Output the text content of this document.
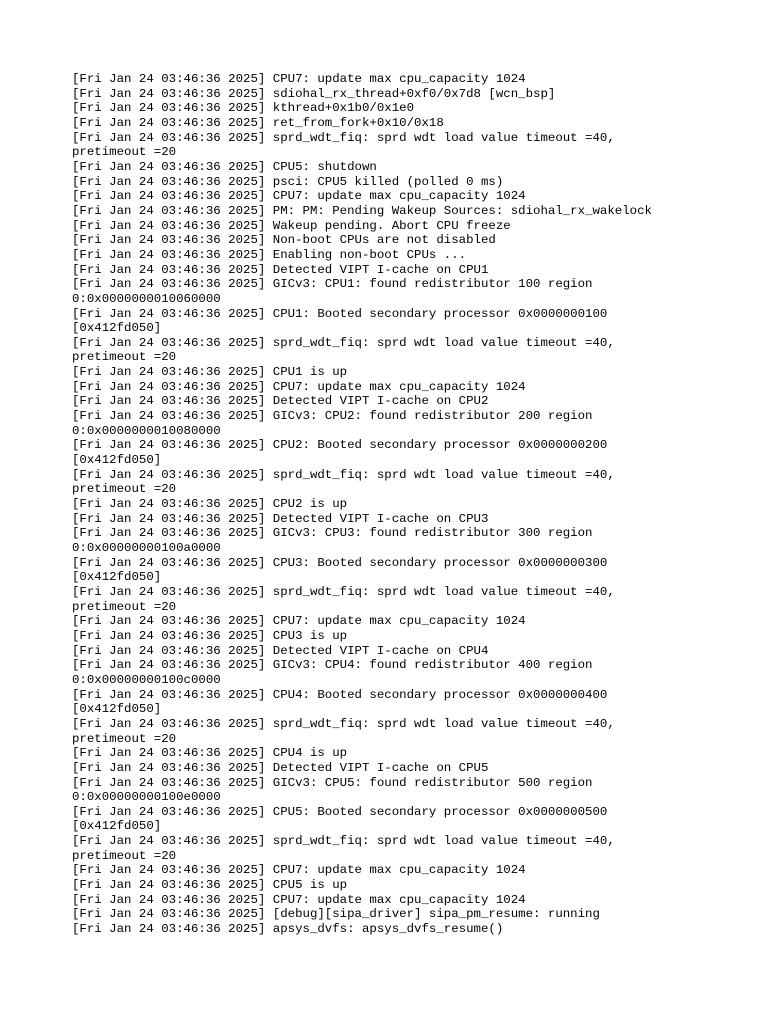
[Fri Jan 24 03:46:36 2025] CPU7: update max cpu_capacity 1024
[Fri Jan 24 03:46:36 2025] sdiohal_rx_thread+0xf0/0x7d8 [wcn_bsp]
[Fri Jan 24 03:46:36 2025] kthread+0x1b0/0x1e0
[Fri Jan 24 03:46:36 2025] ret_from_fork+0x10/0x18
[Fri Jan 24 03:46:36 2025] sprd_wdt_fiq: sprd wdt load value timeout =40,
pretimeout =20
[Fri Jan 24 03:46:36 2025] CPU5: shutdown
[Fri Jan 24 03:46:36 2025] psci: CPU5 killed (polled 0 ms)
[Fri Jan 24 03:46:36 2025] CPU7: update max cpu_capacity 1024
[Fri Jan 24 03:46:36 2025] PM: PM: Pending Wakeup Sources: sdiohal_rx_wakelock
[Fri Jan 24 03:46:36 2025] Wakeup pending. Abort CPU freeze
[Fri Jan 24 03:46:36 2025] Non-boot CPUs are not disabled
[Fri Jan 24 03:46:36 2025] Enabling non-boot CPUs ...
[Fri Jan 24 03:46:36 2025] Detected VIPT I-cache on CPU1
[Fri Jan 24 03:46:36 2025] GICv3: CPU1: found redistributor 100 region
0:0x0000000010060000
[Fri Jan 24 03:46:36 2025] CPU1: Booted secondary processor 0x0000000100
[0x412fd050]
[Fri Jan 24 03:46:36 2025] sprd_wdt_fiq: sprd wdt load value timeout =40,
pretimeout =20
[Fri Jan 24 03:46:36 2025] CPU1 is up
[Fri Jan 24 03:46:36 2025] CPU7: update max cpu_capacity 1024
[Fri Jan 24 03:46:36 2025] Detected VIPT I-cache on CPU2
[Fri Jan 24 03:46:36 2025] GICv3: CPU2: found redistributor 200 region
0:0x0000000010080000
[Fri Jan 24 03:46:36 2025] CPU2: Booted secondary processor 0x0000000200
[0x412fd050]
[Fri Jan 24 03:46:36 2025] sprd_wdt_fiq: sprd wdt load value timeout =40,
pretimeout =20
[Fri Jan 24 03:46:36 2025] CPU2 is up
[Fri Jan 24 03:46:36 2025] Detected VIPT I-cache on CPU3
[Fri Jan 24 03:46:36 2025] GICv3: CPU3: found redistributor 300 region
0:0x00000000100a0000
[Fri Jan 24 03:46:36 2025] CPU3: Booted secondary processor 0x0000000300
[0x412fd050]
[Fri Jan 24 03:46:36 2025] sprd_wdt_fiq: sprd wdt load value timeout =40,
pretimeout =20
[Fri Jan 24 03:46:36 2025] CPU7: update max cpu_capacity 1024
[Fri Jan 24 03:46:36 2025] CPU3 is up
[Fri Jan 24 03:46:36 2025] Detected VIPT I-cache on CPU4
[Fri Jan 24 03:46:36 2025] GICv3: CPU4: found redistributor 400 region
0:0x00000000100c0000
[Fri Jan 24 03:46:36 2025] CPU4: Booted secondary processor 0x0000000400
[0x412fd050]
[Fri Jan 24 03:46:36 2025] sprd_wdt_fiq: sprd wdt load value timeout =40,
pretimeout =20
[Fri Jan 24 03:46:36 2025] CPU4 is up
[Fri Jan 24 03:46:36 2025] Detected VIPT I-cache on CPU5
[Fri Jan 24 03:46:36 2025] GICv3: CPU5: found redistributor 500 region
0:0x00000000100e0000
[Fri Jan 24 03:46:36 2025] CPU5: Booted secondary processor 0x0000000500
[0x412fd050]
[Fri Jan 24 03:46:36 2025] sprd_wdt_fiq: sprd wdt load value timeout =40,
pretimeout =20
[Fri Jan 24 03:46:36 2025] CPU7: update max cpu_capacity 1024
[Fri Jan 24 03:46:36 2025] CPU5 is up
[Fri Jan 24 03:46:36 2025] CPU7: update max cpu_capacity 1024
[Fri Jan 24 03:46:36 2025] [debug][sipa_driver] sipa_pm_resume: running
[Fri Jan 24 03:46:36 2025] apsys_dvfs: apsys_dvfs_resume()
